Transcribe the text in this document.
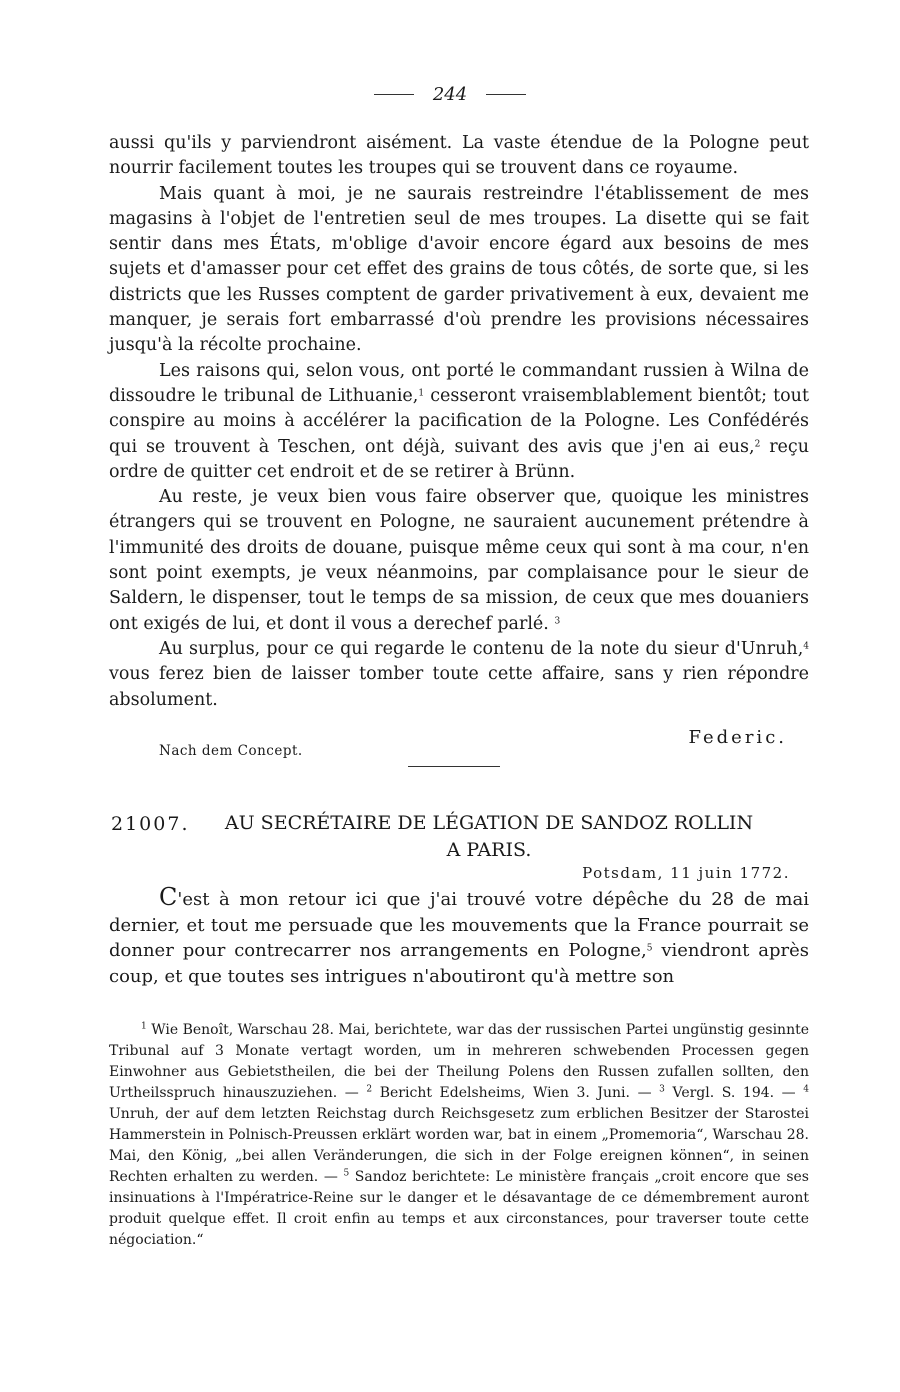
244

aussi qu'ils y parviendront aisément. La vaste étendue de la Pologne peut nourrir facilement toutes les troupes qui se trouvent dans ce royaume.

Mais quant à moi, je ne saurais restreindre l'établissement de mes magasins à l'objet de l'entretien seul de mes troupes. La disette qui se fait sentir dans mes États, m'oblige d'avoir encore égard aux besoins de mes sujets et d'amasser pour cet effet des grains de tous côtés, de sorte que, si les districts que les Russes comptent de garder privativement à eux, devaient me manquer, je serais fort embarrassé d'où prendre les provisions nécessaires jusqu'à la récolte prochaine.

Les raisons qui, selon vous, ont porté le commandant russien à Wilna de dissoudre le tribunal de Lithuanie,$^1$ cesseront vraisemblablement bientôt; tout conspire au moins à accélérer la pacification de la Pologne. Les Confédérés qui se trouvent à Teschen, ont déjà, suivant des avis que j'en ai eus,$^2$ reçu ordre de quitter cet endroit et de se retirer à Brünn.

Au reste, je veux bien vous faire observer que, quoique les ministres étrangers qui se trouvent en Pologne, ne sauraient aucunement prétendre à l'immunité des droits de douane, puisque même ceux qui sont à ma cour, n'en sont point exempts, je veux néanmoins, par complaisance pour le sieur de Saldern, le dispenser, tout le temps de sa mission, de ceux que mes douaniers ont exigés de lui, et dont il vous a derechef parlé. $^3$

Au surplus, pour ce qui regarde le contenu de la note du sieur d'Unruh,$^4$ vous ferez bien de laisser tomber toute cette affaire, sans y rien répondre absolument.

Nach dem Concept.
Federic.
21007.	AU SECRÉTAIRE DE LÉGATION DE SANDOZ ROLLIN
A PARIS.
Potsdam, 11 juin 1772.

C'est à mon retour ici que j'ai trouvé votre dépêche du 28 de mai dernier, et tout me persuade que les mouvements que la France pourrait se donner pour contrecarrer nos arrangements en Pologne,$^5$ viendront après coup, et que toutes ses intrigues n'aboutiront qu'à mettre son

$^1$ Wie Benoît, Warschau 28. Mai, berichtete, war das der russischen Partei ungünstig gesinnte Tribunal auf 3 Monate vertagt worden, um in mehreren schwebenden Processen gegen Einwohner aus Gebietstheilen, die bei der Theilung Polens den Russen zufallen sollten, den Urtheilsspruch hinauszuziehen. — $^2$ Bericht Edelsheims, Wien 3. Juni. — $^3$ Vergl. S. 194. — $^4$ Unruh, der auf dem letzten Reichstag durch Reichsgesetz zum erblichen Besitzer der Starostei Hammerstein in Polnisch-Preussen erklärt worden war, bat in einem „Promemoria“, Warschau 28. Mai, den König, „bei allen Veränderungen, die sich in der Folge ereignen können“, in seinen Rechten erhalten zu werden. — $^5$ Sandoz berichtete: Le ministère français „croit encore que ses insinuations à l'Impératrice-Reine sur le danger et le désavantage de ce démembrement auront produit quelque effet. Il croit enfin au temps et aux circonstances, pour traverser toute cette négociation.“
